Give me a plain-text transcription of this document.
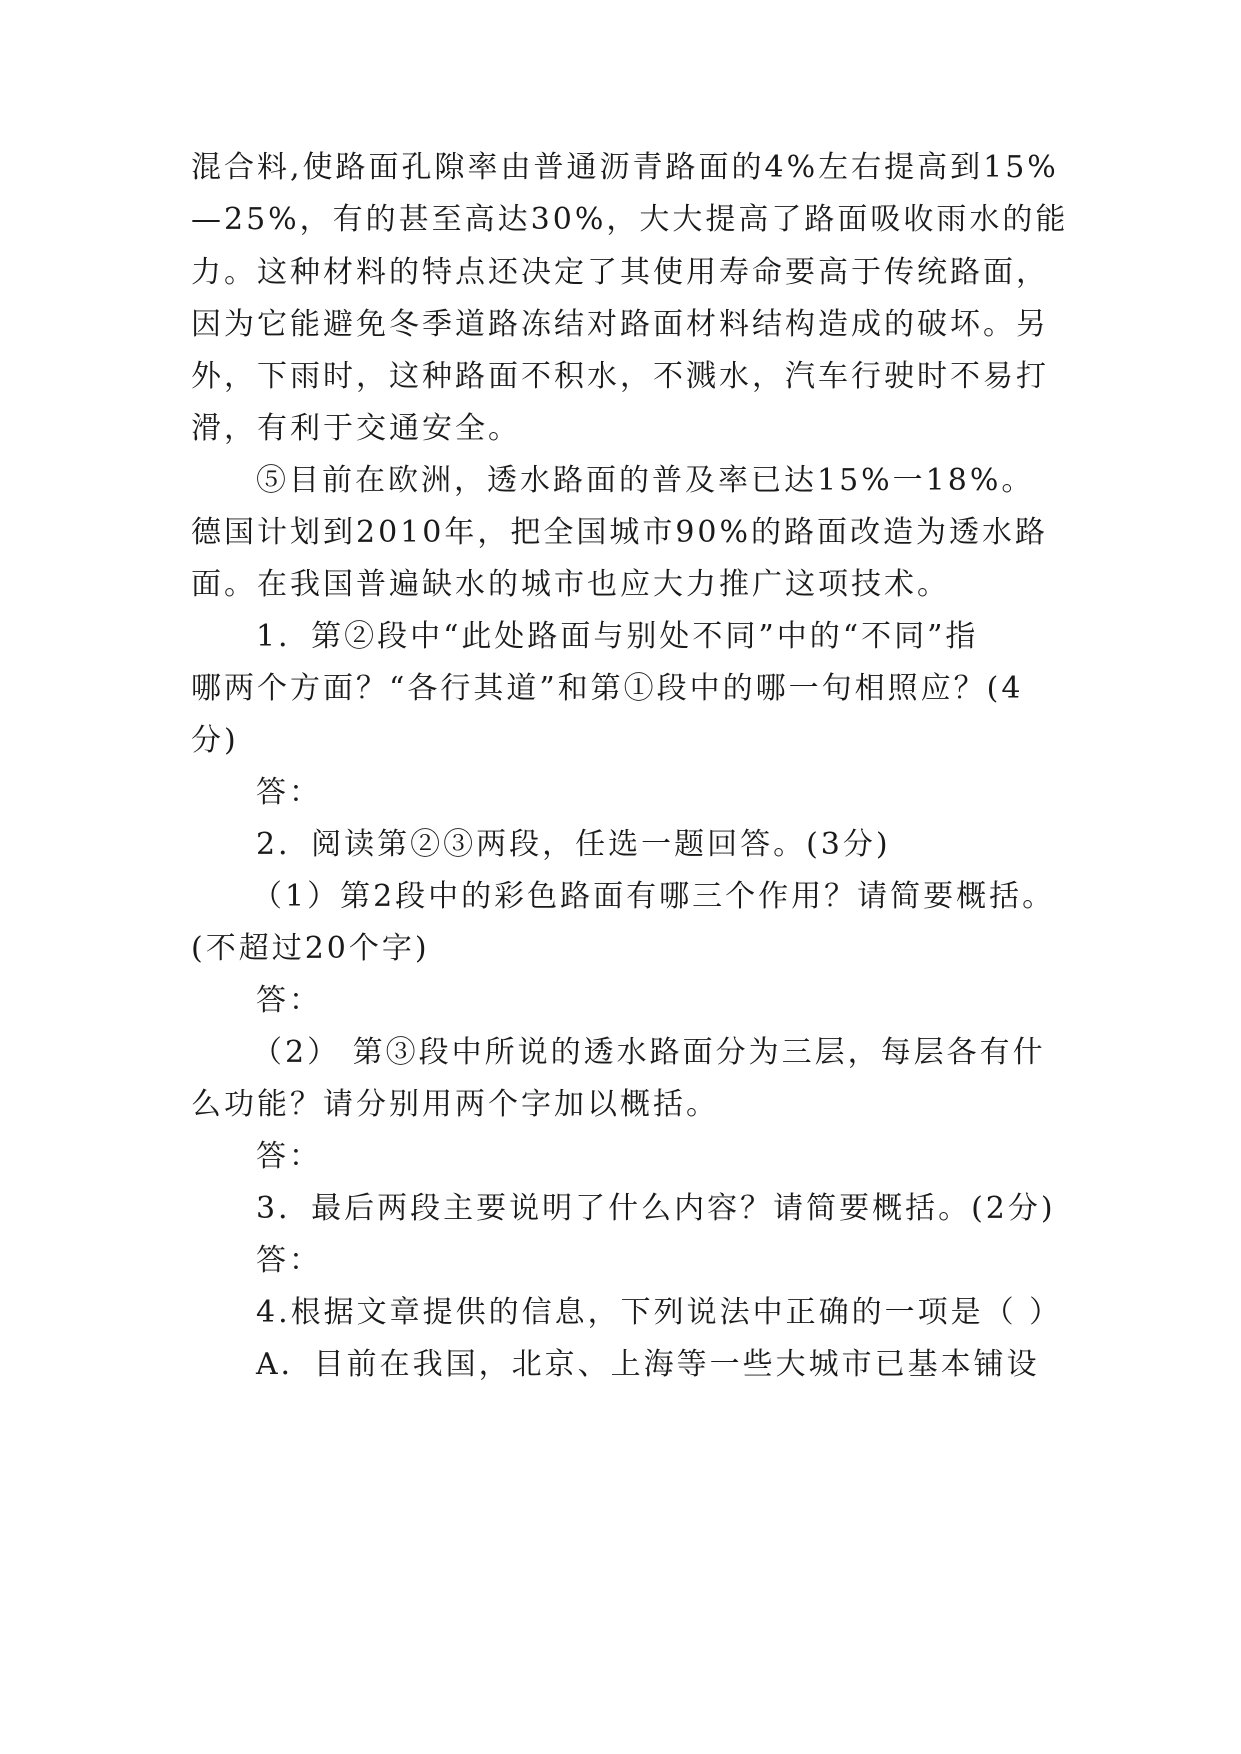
混合料,使路面孔隙率由普通沥青路面的4%左右提高到15%
—25%，有的甚至高达30%，大大提高了路面吸收雨水的能
力。这种材料的特点还决定了其使用寿命要高于传统路面，
因为它能避免冬季道路冻结对路面材料结构造成的破坏。另
外，下雨时，这种路面不积水，不溅水，汽车行驶时不易打
滑，有利于交通安全。
⑤目前在欧洲，透水路面的普及率已达15%一18%。
德国计划到2010年，把全国城市90%的路面改造为透水路
面。在我国普遍缺水的城市也应大力推广这项技术。
1．第②段中“此处路面与别处不同”中的“不同”指
哪两个方面？“各行其道”和第①段中的哪一句相照应？(4
分)
答：
2．阅读第②③两段，任选一题回答。(3分)
（1）第2段中的彩色路面有哪三个作用？请简要概括。
(不超过20个字)
答：
（2） 第③段中所说的透水路面分为三层，每层各有什
么功能？请分别用两个字加以概括。
答：
3．最后两段主要说明了什么内容？请简要概括。(2分)
答：
4.根据文章提供的信息，下列说法中正确的一项是（ ）
A．目前在我国，北京、上海等一些大城市已基本铺设
